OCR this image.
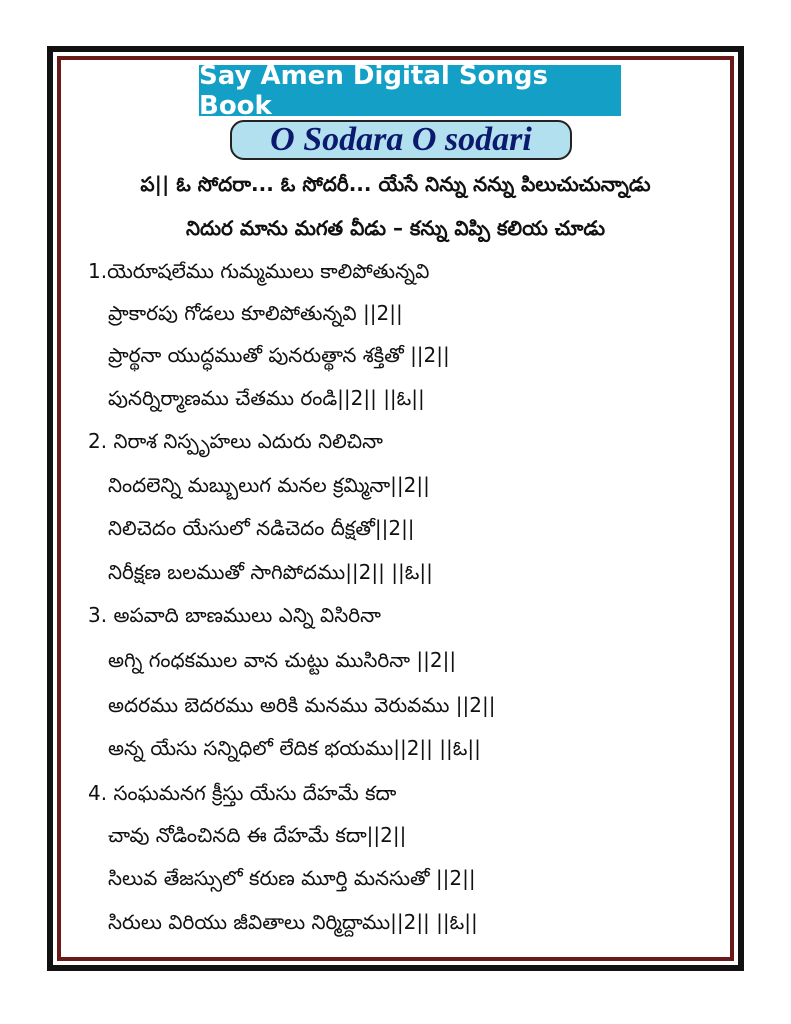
Say Amen Digital Songs Book
O Sodara O sodari
ప|| ఓ సోదరా... ఓ సోదరీ... యేసే నిన్ను నన్ను పిలుచుచున్నాడు
నిదుర మాను మగత వీడు – కన్ను విప్పి కలియ చూడు
1.యెరూషలేము గుమ్మములు కాలిపోతున్నవి
ప్రాకారపు గోడలు కూలిపోతున్నవి ||2||
ప్రార్థనా యుద్ధముతో పునరుత్థాన శక్తితో ||2||
పునర్నిర్మాణము చేతము రండి||2|| ||ఓ||
2. నిరాశ నిస్పృహలు ఎదురు నిలిచినా
నిందలెన్ని మబ్బులుగ మనల క్రమ్మినా||2||
నిలిచెదం యేసులో నడిచెదం దీక్షతో||2||
నిరీక్షణ బలముతో సాగిపోదము||2|| ||ఓ||
3. అపవాది బాణములు ఎన్ని విసిరినా
అగ్ని గంధకముల వాన చుట్టు ముసిరినా ||2||
అదరము బెదరము అరికి మనము వెరువము ||2||
అన్న యేసు సన్నిధిలో లేదిక భయము||2|| ||ఓ||
4. సంఘమనగ క్రీస్తు యేసు దేహమే కదా
చావు నోడించినది ఈ దేహమే కదా||2||
సిలువ తేజస్సులో కరుణ మూర్తి మనసుతో ||2||
సిరులు విరియు జీవితాలు నిర్మిద్దాము||2|| ||ఓ||
